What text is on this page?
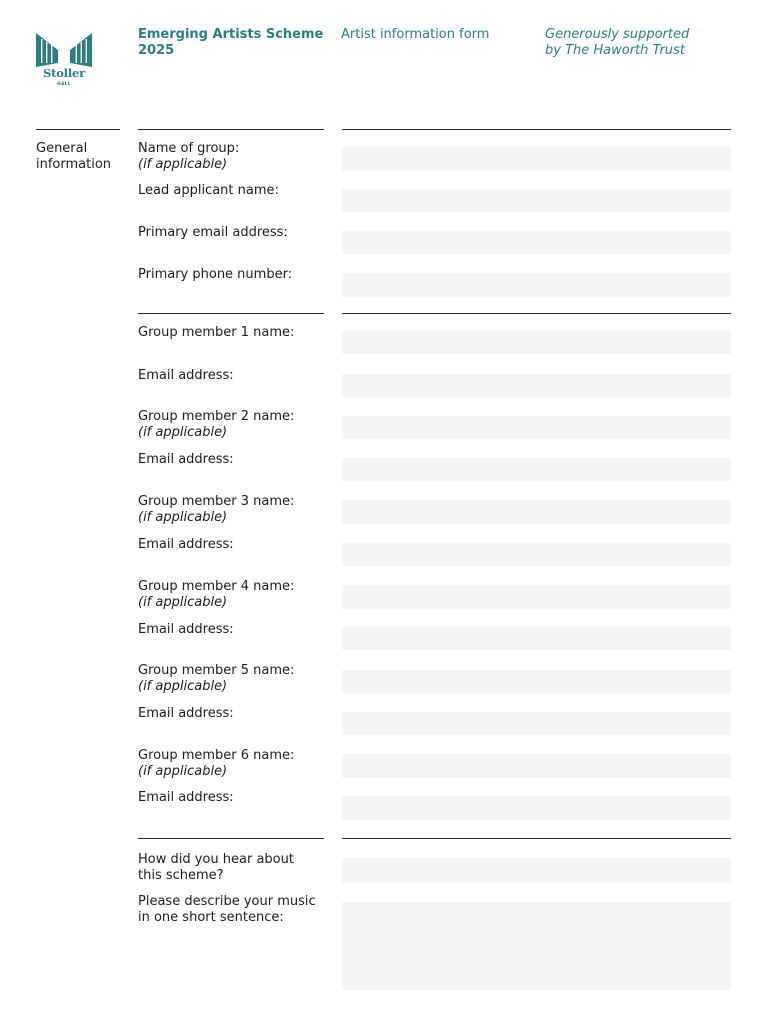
Stoller
HALL
Emerging Artists Scheme
2025
Artist information form	Generously supported
by The Haworth Trust
General
information
Name of group:
(if applicable)
Lead applicant name:
Primary email address:
Primary phone number:
Group member 1 name:
Email address:
Group member 2 name:
(if applicable)
Email address:
Group member 3 name:
(if applicable)
Email address:
Group member 4 name:
(if applicable)
Email address:
Group member 5 name:
(if applicable)
Email address:
Group member 6 name:
(if applicable)
Email address:
How did you hear about
this scheme?
Please describe your music
in one short sentence:
